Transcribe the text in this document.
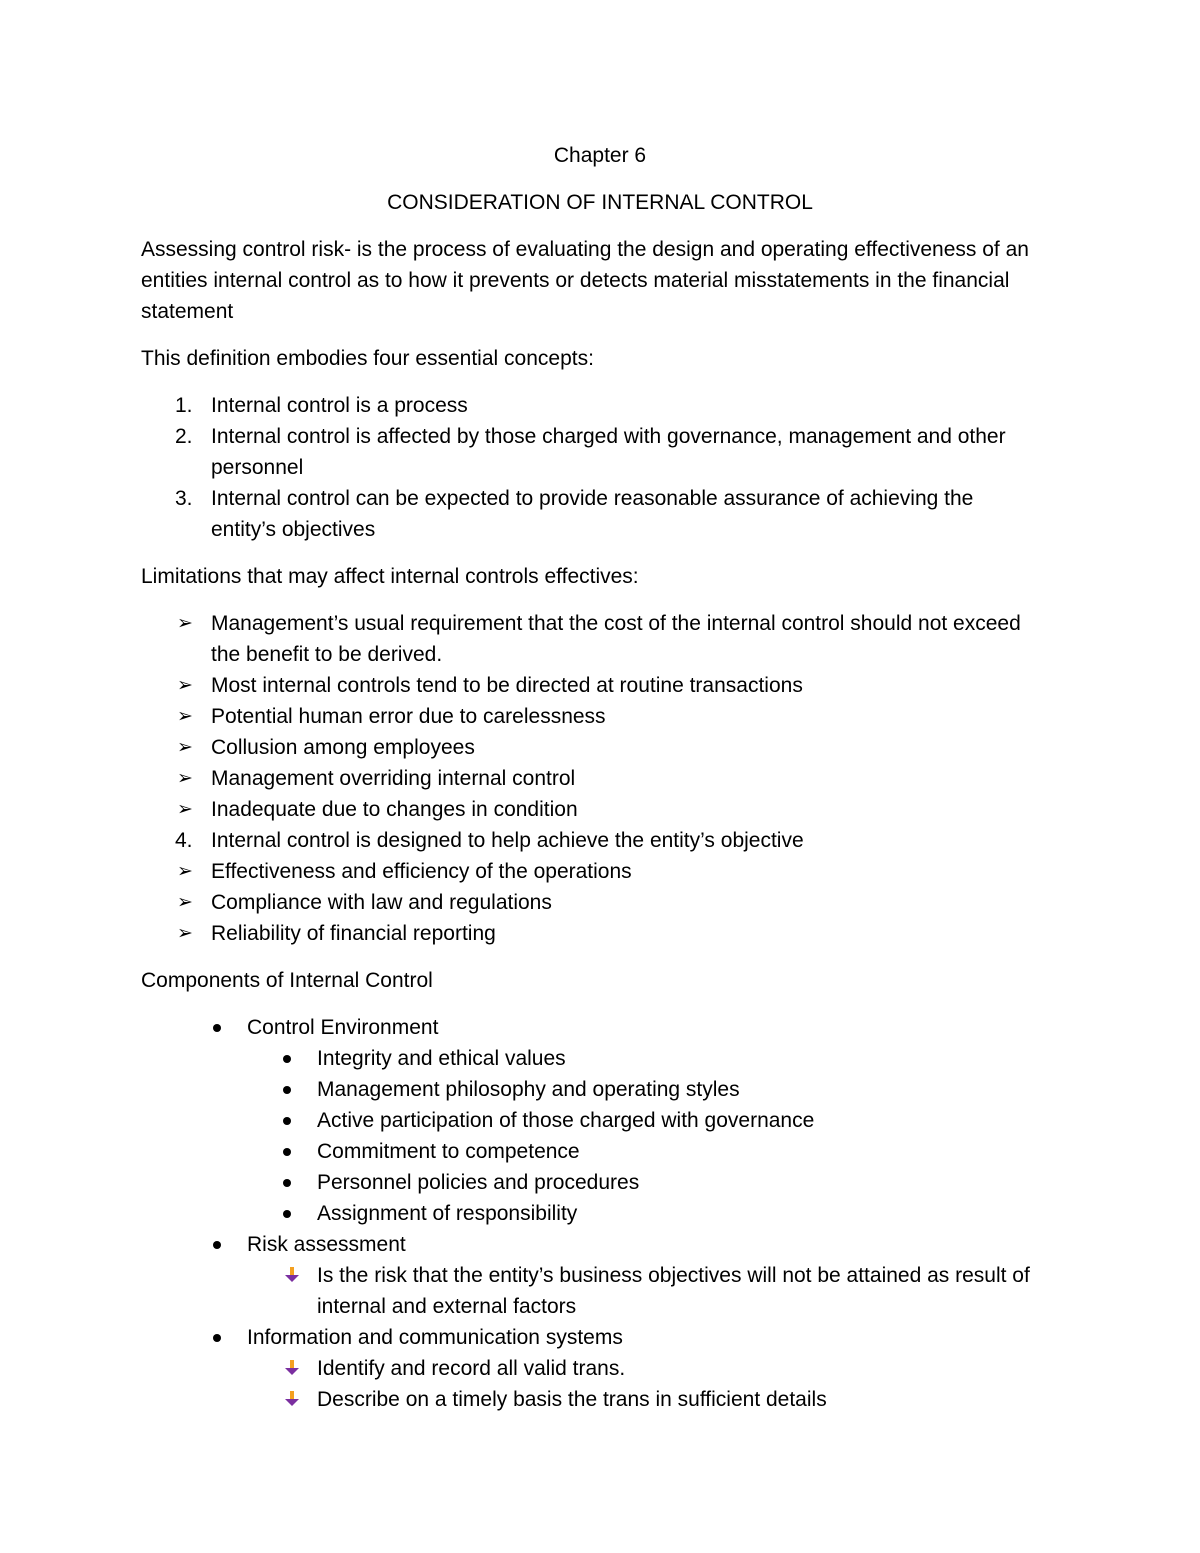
Chapter 6
CONSIDERATION OF INTERNAL CONTROL
Assessing control risk- is the process of evaluating the design and operating effectiveness of an
entities internal control as to how it prevents or detects material misstatements in the financial
statement
This definition embodies four essential concepts:
1. Internal control is a process
2. Internal control is affected by those charged with governance, management and other
personnel
3. Internal control can be expected to provide reasonable assurance of achieving the
entity’s objectives
Limitations that may affect internal controls effectives:
➢ Management’s usual requirement that the cost of the internal control should not exceed
the benefit to be derived.
➢ Most internal controls tend to be directed at routine transactions
➢ Potential human error due to carelessness
➢ Collusion among employees
➢ Management overriding internal control
➢ Inadequate due to changes in condition
4. Internal control is designed to help achieve the entity’s objective
➢ Effectiveness and efficiency of the operations
➢ Compliance with law and regulations
➢ Reliability of financial reporting
Components of Internal Control
Control Environment
Integrity and ethical values
Management philosophy and operating styles
Active participation of those charged with governance
Commitment to competence
Personnel policies and procedures
Assignment of responsibility
Risk assessment
Is the risk that the entity’s business objectives will not be attained as result of
internal and external factors
Information and communication systems
Identify and record all valid trans.
Describe on a timely basis the trans in sufficient details
